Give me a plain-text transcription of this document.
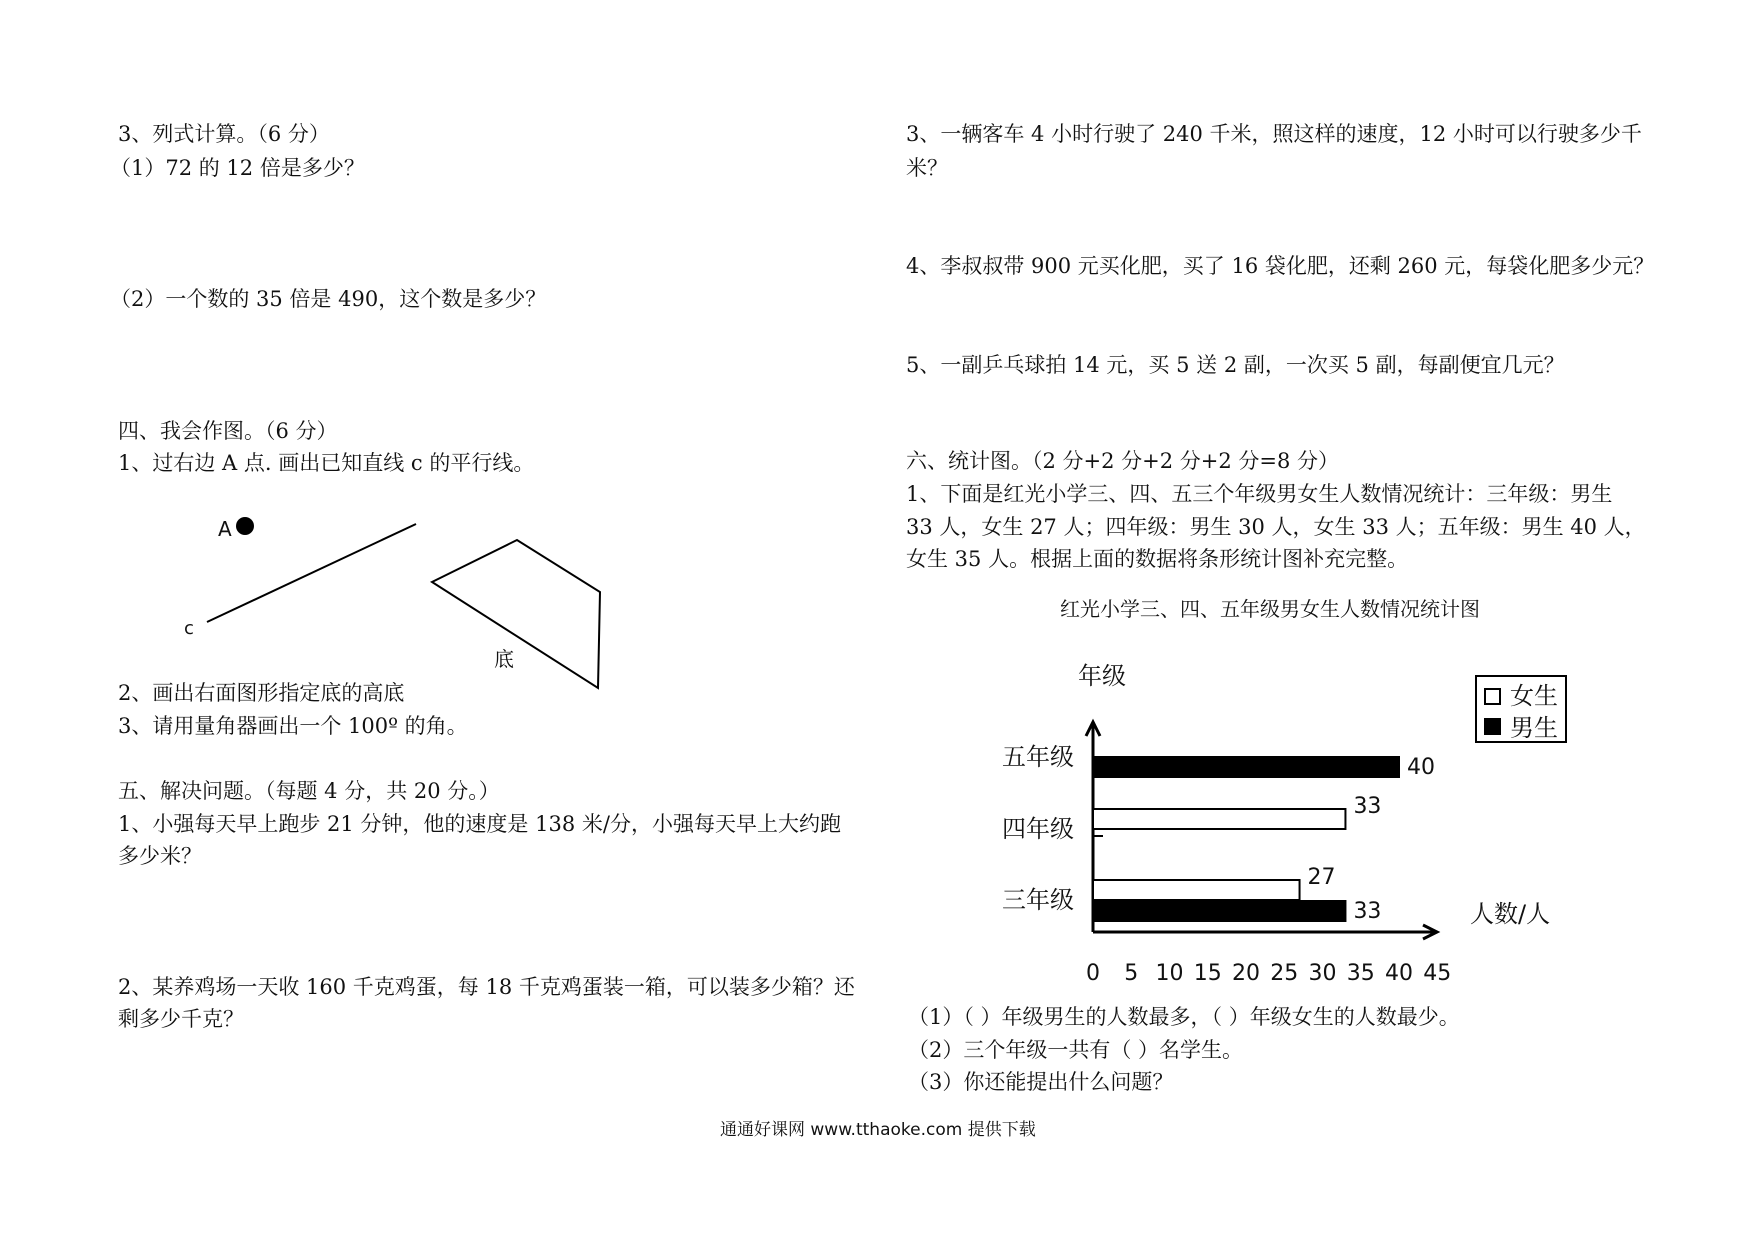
3、列式计算。（6 分）
（1）72 的 12 倍是多少？
（2）一个数的 35 倍是 490，这个数是多少？
四、我会作图。（6 分）
1、过右边 A 点. 画出已知直线 c 的平行线。
A
c
底
2、画出右面图形指定底的高底
3、请用量角器画出一个 100º 的角。
五、解决问题。（每题 4 分，共 20 分。）
1、小强每天早上跑步 21 分钟，他的速度是 138 米/分，小强每天早上大约跑
多少米？
2、某养鸡场一天收 160 千克鸡蛋，每 18 千克鸡蛋装一箱，可以装多少箱？还
剩多少千克？
3、一辆客车 4 小时行驶了 240 千米，照这样的速度，12 小时可以行驶多少千
米？
4、李叔叔带 900 元买化肥，买了 16 袋化肥，还剩 260 元，每袋化肥多少元？
5、一副乒乓球拍 14 元，买 5 送 2 副，一次买 5 副，每副便宜几元？
六、统计图。（2 分+2 分+2 分+2 分=8 分）
1、下面是红光小学三、四、五三个年级男女生人数情况统计：三年级：男生
33 人，女生 27 人；四年级：男生 30 人，女生 33 人；五年级：男生 40 人，
女生 35 人。根据上面的数据将条形统计图补充完整。
红光小学三、四、五年级男女生人数情况统计图
年级
人数/人
0 5 10 15 20 25 30 35 40 45
三年级
四年级
五年级
27
33
33
40
女生
男生
（1）（ ）年级男生的人数最多，（ ）年级女生的人数最少。
（2）三个年级一共有（ ）名学生。
（3）你还能提出什么问题？
通通好课网 www.tthaoke.com 提供下载
